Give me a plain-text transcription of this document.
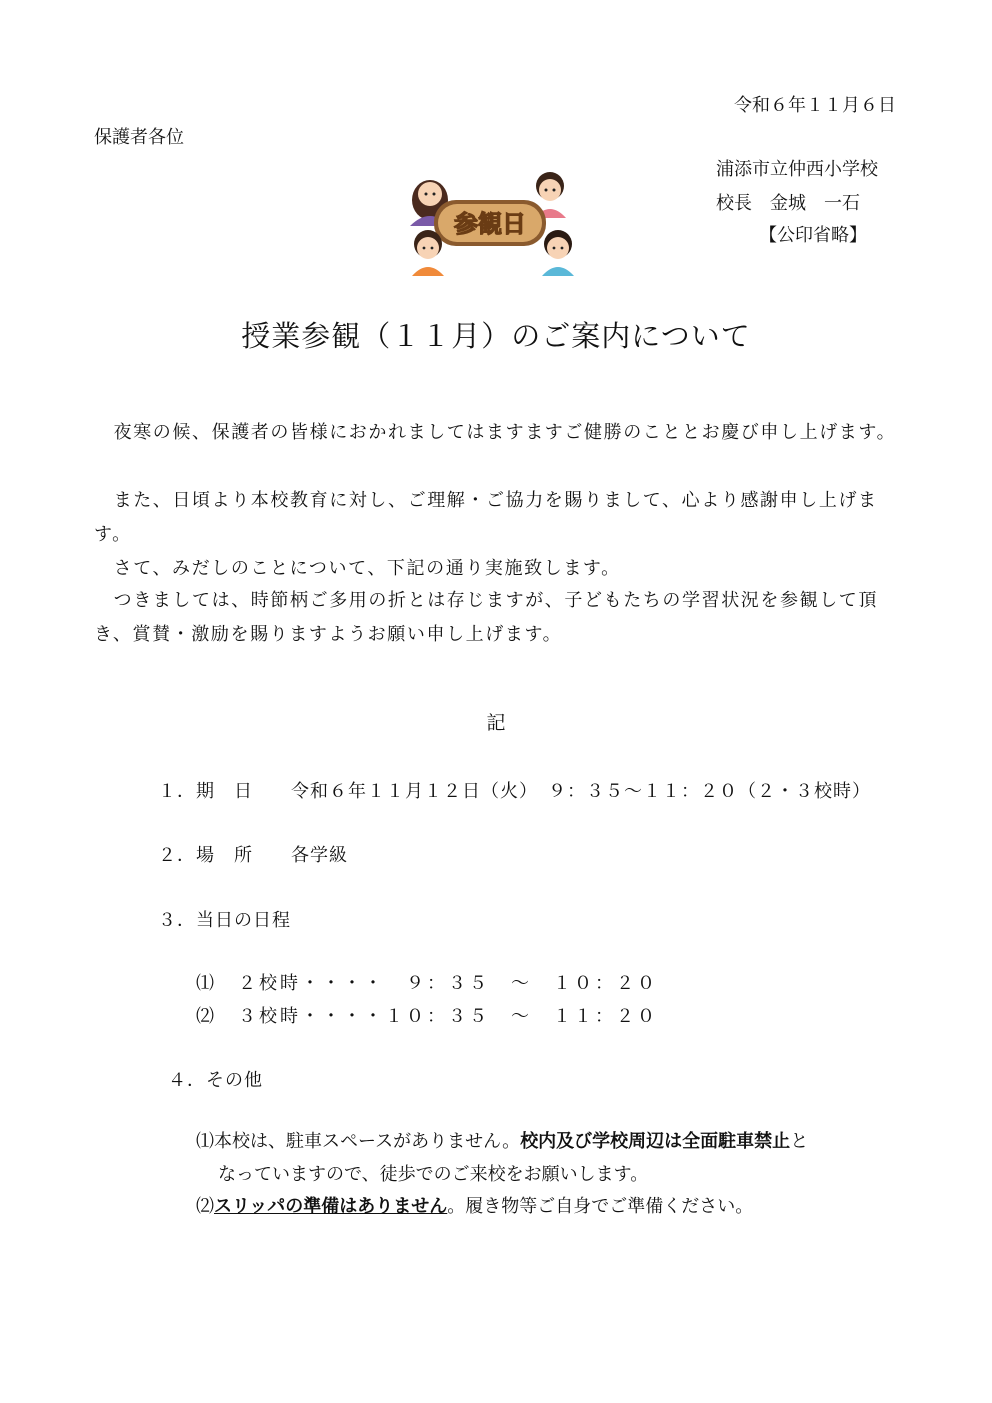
令和６年１１月６日
保護者各位
浦添市立仲西小学校
校長　金城　一石
【公印省略】
参観日
授業参観（１１月）のご案内について
　夜寒の候、保護者の皆様におかれましてはますますご健勝のこととお慶び申し上げます。
　また、日頃より本校教育に対し、ご理解・ご協力を賜りまして、心より感謝申し上げます。
　さて、みだしのことについて、下記の通り実施致します。
　つきましては、時節柄ご多用の折とは存じますが、子どもたちの学習状況を参観して頂き、賞賛・激励を賜りますようお願い申し上げます。
記
１．期　日　　令和６年１１月１２日（火）　９：３５～１１：２０（２・３校時）
２．場　所　　各学級
３．当日の日程
⑴　２校時・・・・　９：３５　～　１０：２０
⑵　３校時・・・・１０：３５　～　１１：２０
４．その他
⑴本校は、駐車スペースがありません。校内及び学校周辺は全面駐車禁止と
なっていますので、徒歩でのご来校をお願いします。
⑵スリッパの準備はありません。履き物等ご自身でご準備ください。
